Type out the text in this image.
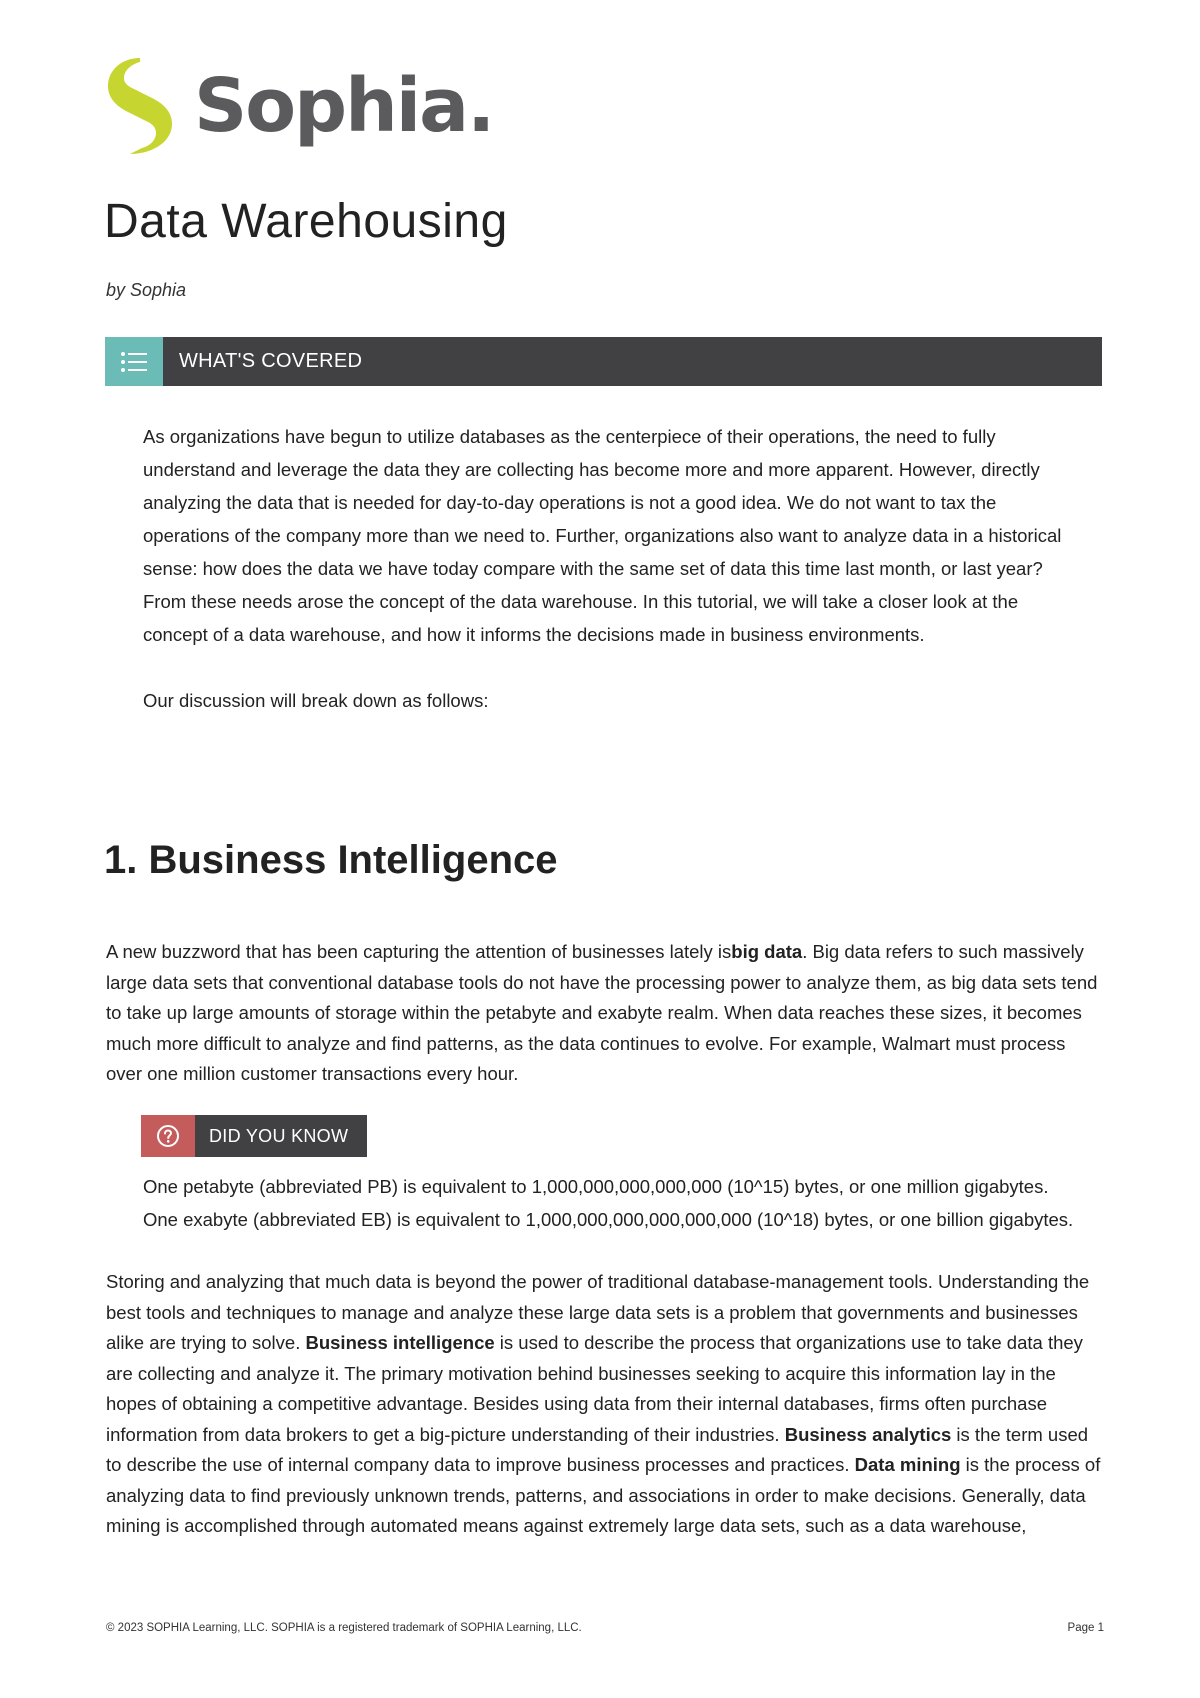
Sophia.
Data Warehousing
by Sophia
WHAT'S COVERED

As organizations have begun to utilize databases as the centerpiece of their operations, the need to fully understand and leverage the data they are collecting has become more and more apparent. However, directly analyzing the data that is needed for day-to-day operations is not a good idea. We do not want to tax the operations of the company more than we need to. Further, organizations also want to analyze data in a historical sense: how does the data we have today compare with the same set of data this time last month, or last year? From these needs arose the concept of the data warehouse. In this tutorial, we will take a closer look at the concept of a data warehouse, and how it informs the decisions made in business environments.

Our discussion will break down as follows:

1. Business Intelligence

A new buzzword that has been capturing the attention of businesses lately isbig data. Big data refers to such massively large data sets that conventional database tools do not have the processing power to analyze them, as big data sets tend to take up large amounts of storage within the petabyte and exabyte realm. When data reaches these sizes, it becomes much more difficult to analyze and find patterns, as the data continues to evolve. For example, Walmart must process over one million customer transactions every hour.

DID YOU KNOW

One petabyte (abbreviated PB) is equivalent to 1,000,000,000,000,000 (10^15) bytes, or one million gigabytes. One exabyte (abbreviated EB) is equivalent to 1,000,000,000,000,000,000 (10^18) bytes, or one billion gigabytes.

Storing and analyzing that much data is beyond the power of traditional database-management tools. Understanding the best tools and techniques to manage and analyze these large data sets is a problem that governments and businesses alike are trying to solve. Business intelligence is used to describe the process that organizations use to take data they are collecting and analyze it. The primary motivation behind businesses seeking to acquire this information lay in the hopes of obtaining a competitive advantage. Besides using data from their internal databases, firms often purchase information from data brokers to get a big-picture understanding of their industries. Business analytics is the term used to describe the use of internal company data to improve business processes and practices. Data mining is the process of analyzing data to find previously unknown trends, patterns, and associations in order to make decisions. Generally, data mining is accomplished through automated means against extremely large data sets, such as a data warehouse,

© 2023 SOPHIA Learning, LLC. SOPHIA is a registered trademark of SOPHIA Learning, LLC.	Page 1
